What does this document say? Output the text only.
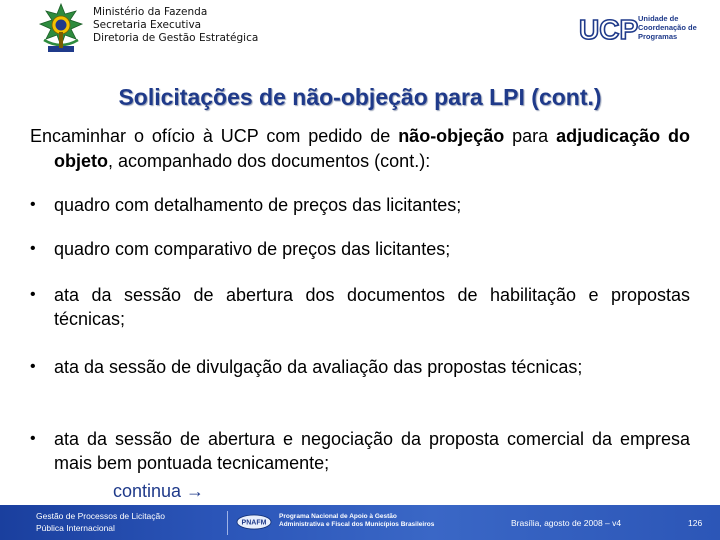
Ministério da Fazenda
Secretaria Executiva
Diretoria de Gestão Estratégica	UCP Unidade de
Coordenação de
Programas
Solicitações de não-objeção para LPI (cont.)
Encaminhar o ofício à UCP com pedido de não-objeção para adjudicação do objeto, acompanhado dos documentos (cont.):
• quadro com detalhamento de preços das licitantes;
• quadro com comparativo de preços das licitantes;
• ata da sessão de abertura dos documentos de habilitação e propostas técnicas;
• ata da sessão de divulgação da avaliação das propostas técnicas;
• ata da sessão de abertura e negociação da proposta comercial da empresa mais bem pontuada tecnicamente;
continua →
Gestão de Processos de Licitação
Pública Internacional	PNAFM
Programa Nacional de Apoio à Gestão
Administrativa e Fiscal dos Municípios Brasileiros	Brasília, agosto de 2008 – v4	126
